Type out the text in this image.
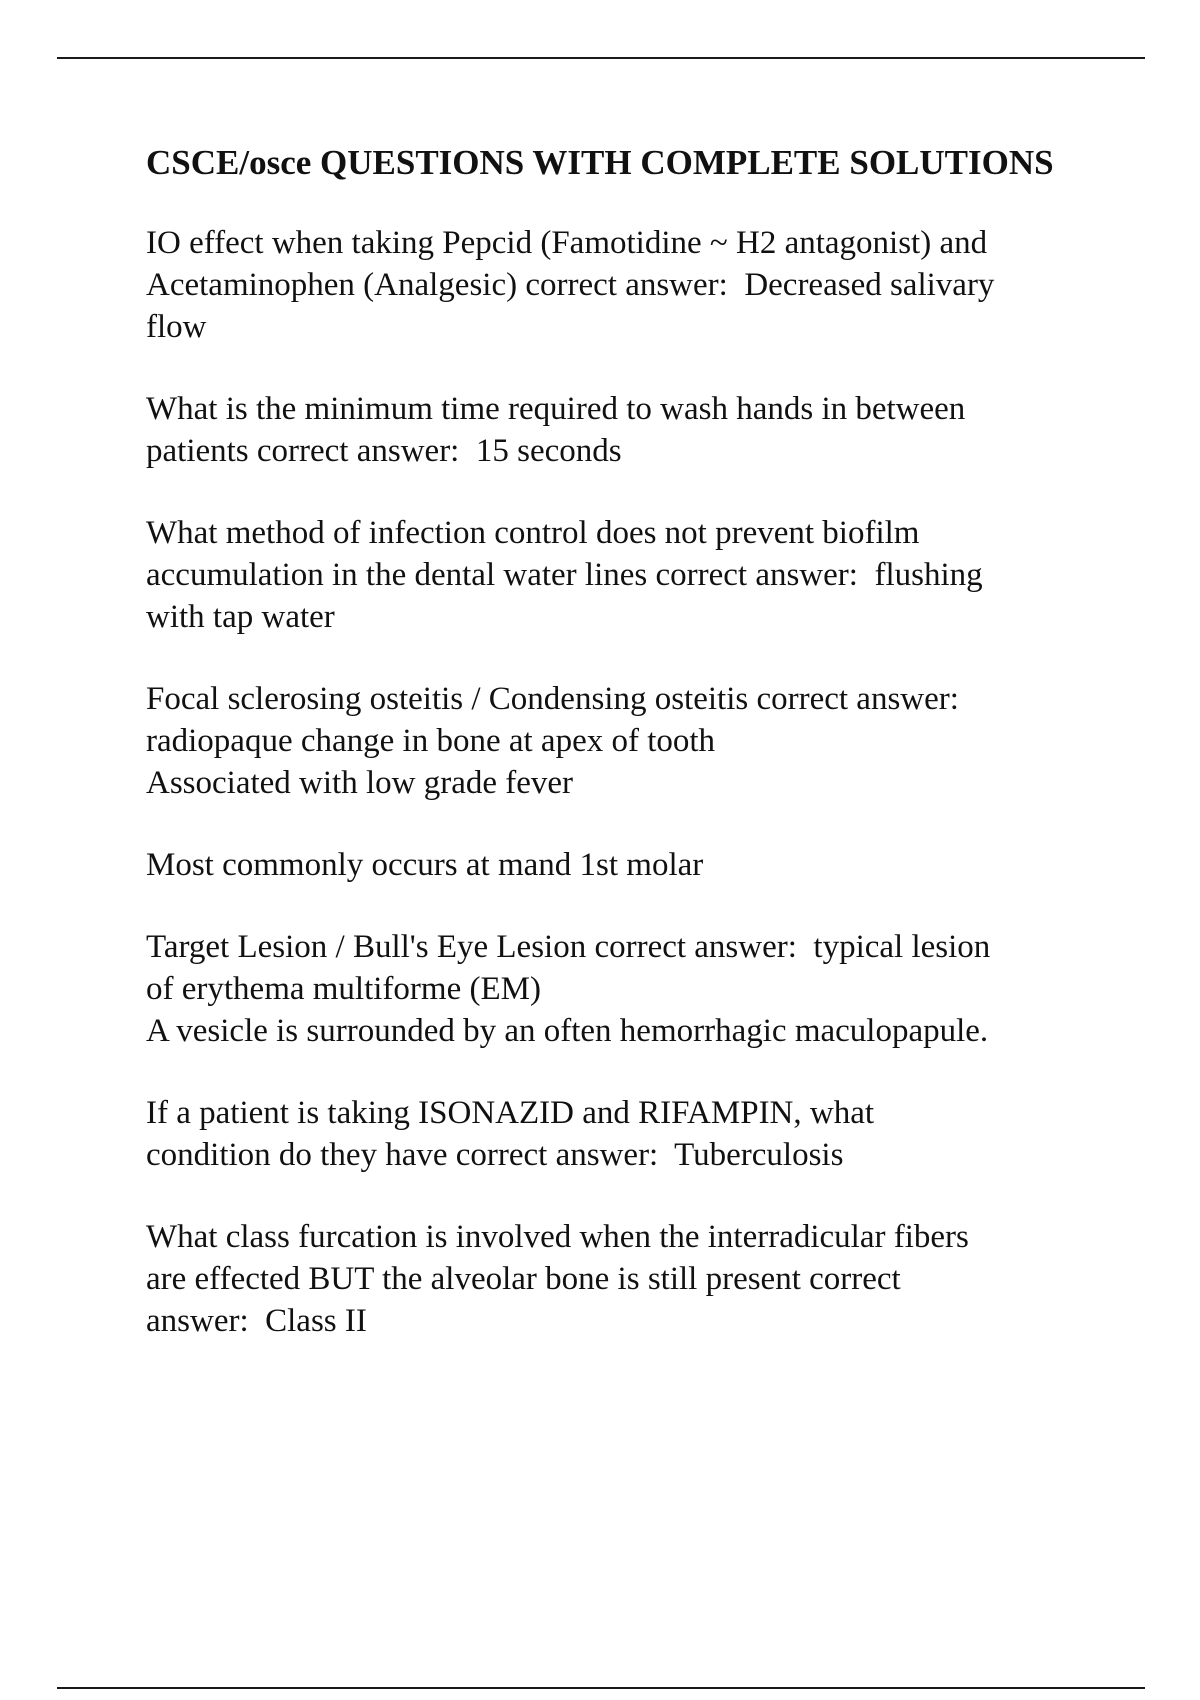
CSCE/osce QUESTIONS WITH COMPLETE SOLUTIONS
IO effect when taking Pepcid (Famotidine ~ H2 antagonist) and
Acetaminophen (Analgesic) correct answer:  Decreased salivary
flow
What is the minimum time required to wash hands in between
patients correct answer:  15 seconds
What method of infection control does not prevent biofilm
accumulation in the dental water lines correct answer:  flushing
with tap water
Focal sclerosing osteitis / Condensing osteitis correct answer:
radiopaque change in bone at apex of tooth
Associated with low grade fever
Most commonly occurs at mand 1st molar
Target Lesion / Bull's Eye Lesion correct answer:  typical lesion
of erythema multiforme (EM)
A vesicle is surrounded by an often hemorrhagic maculopapule.
If a patient is taking ISONAZID and RIFAMPIN, what
condition do they have correct answer:  Tuberculosis
What class furcation is involved when the interradicular fibers
are effected BUT the alveolar bone is still present correct
answer:  Class II
